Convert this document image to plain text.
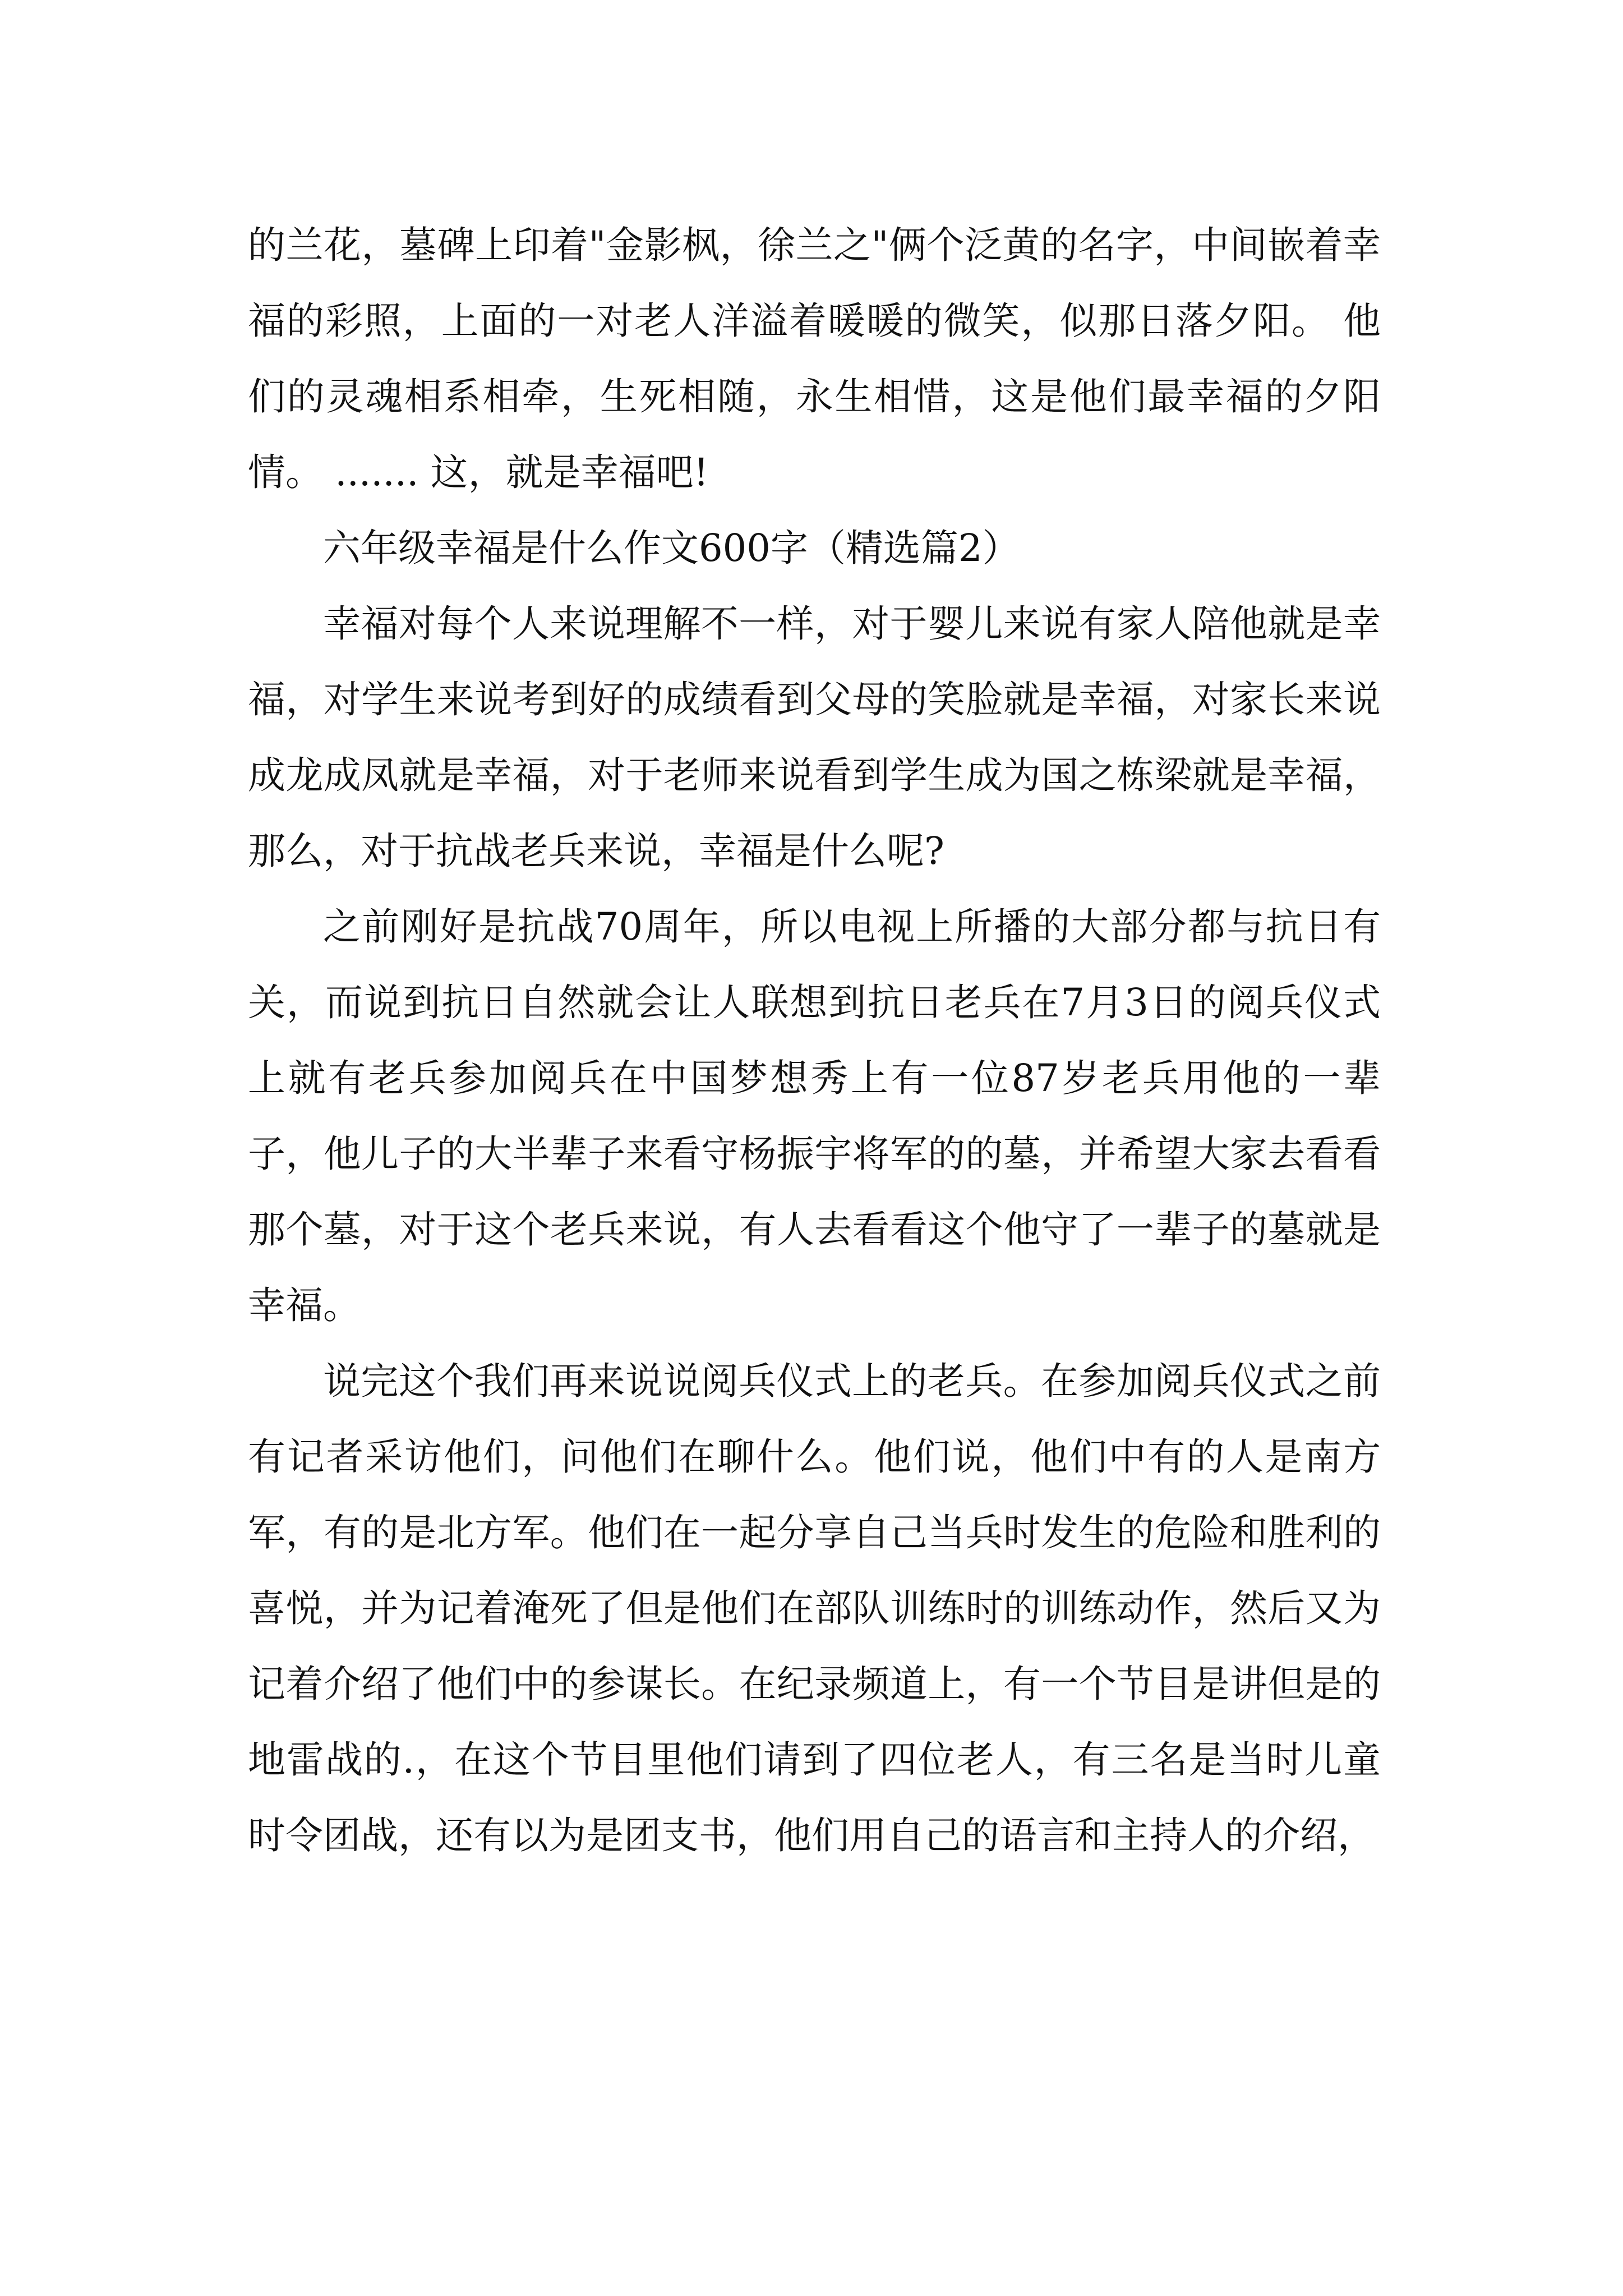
的兰花，墓碑上印着"金影枫，徐兰之"俩个泛黄的名字，中间嵌着幸福的彩照，上面的一对老人洋溢着暖暖的微笑，似那日落夕阳。 他们的灵魂相系相牵，生死相随，永生相惜，这是他们最幸福的夕阳情。 ....... 这，就是幸福吧!

六年级幸福是什么作文600字（精选篇2）

幸福对每个人来说理解不一样，对于婴儿来说有家人陪他就是幸福，对学生来说考到好的成绩看到父母的笑脸就是幸福，对家长来说成龙成凤就是幸福，对于老师来说看到学生成为国之栋梁就是幸福，那么，对于抗战老兵来说，幸福是什么呢?

之前刚好是抗战70周年，所以电视上所播的大部分都与抗日有关，而说到抗日自然就会让人联想到抗日老兵在7月3日的阅兵仪式上就有老兵参加阅兵在中国梦想秀上有一位87岁老兵用他的一辈子，他儿子的大半辈子来看守杨振宇将军的的墓，并希望大家去看看那个墓，对于这个老兵来说，有人去看看这个他守了一辈子的墓就是幸福。

说完这个我们再来说说阅兵仪式上的老兵。在参加阅兵仪式之前有记者采访他们，问他们在聊什么。他们说，他们中有的人是南方军，有的是北方军。他们在一起分享自己当兵时发生的危险和胜利的喜悦，并为记着淹死了但是他们在部队训练时的训练动作，然后又为记着介绍了他们中的参谋长。在纪录频道上，有一个节目是讲但是的地雷战的.，在这个节目里他们请到了四位老人，有三名是当时儿童时令团战，还有以为是团支书，他们用自己的语言和主持人的介绍，
